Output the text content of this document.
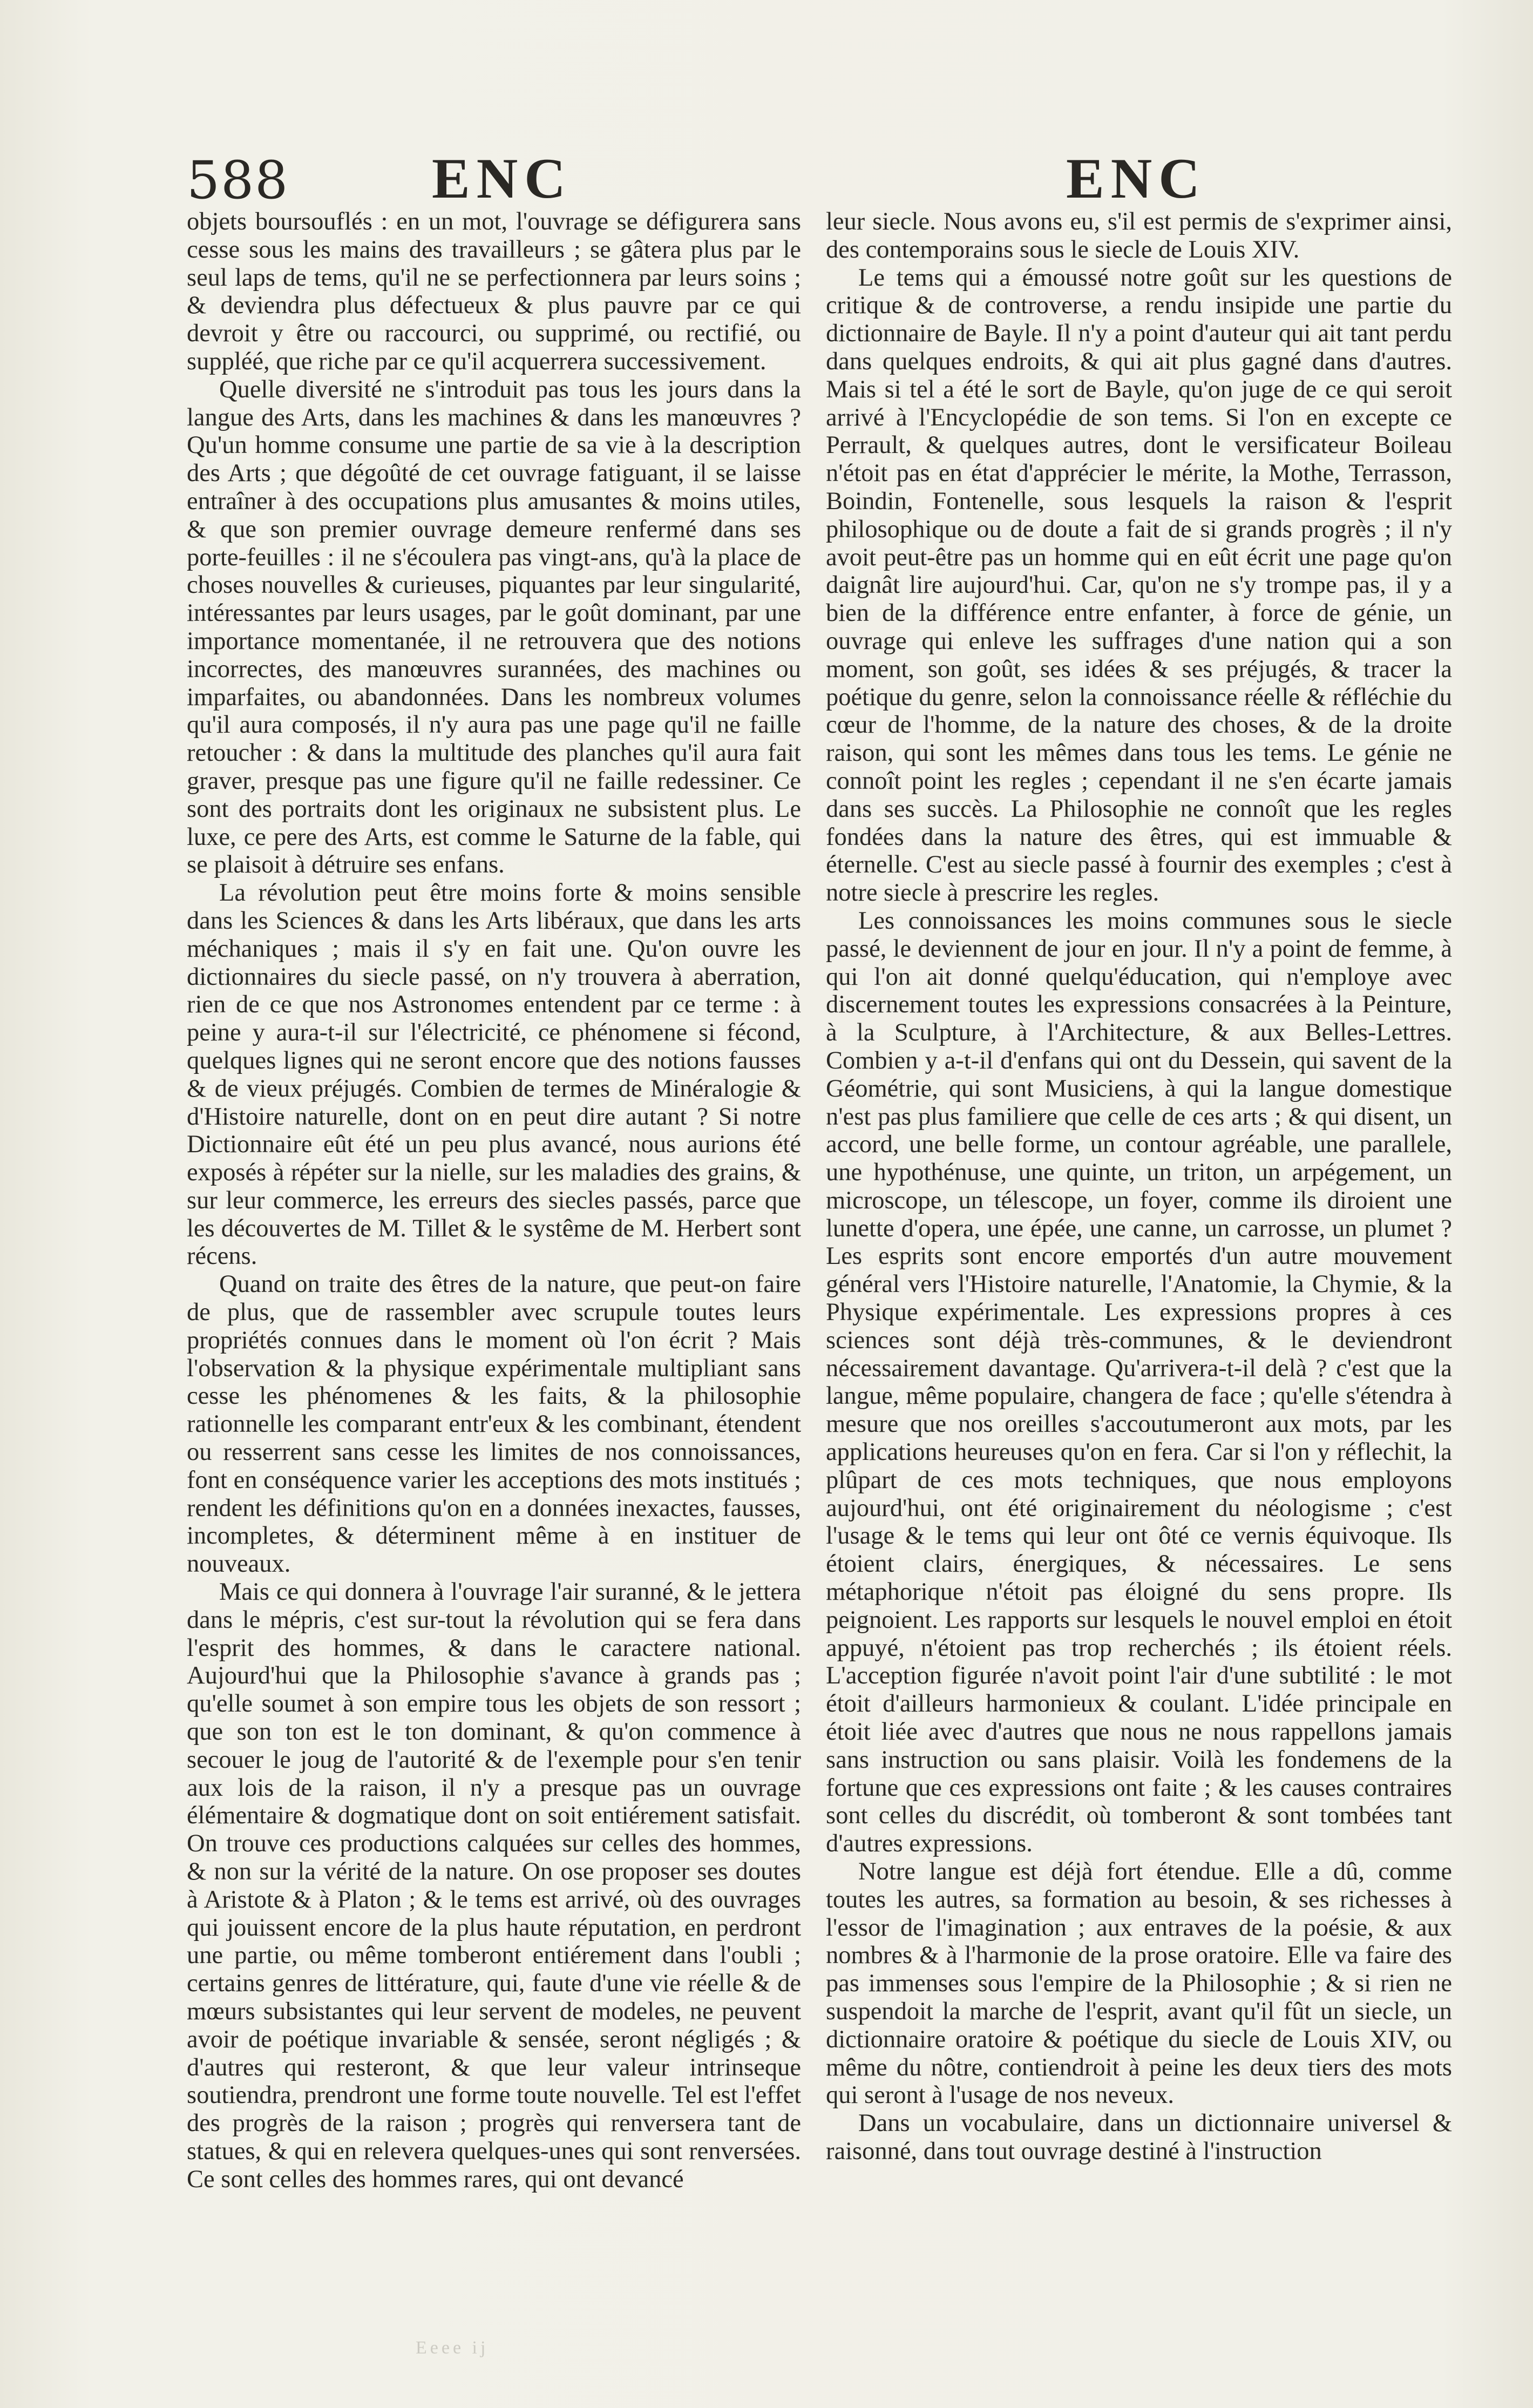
588 ENC	ENC

objets boursouflés : en un mot, l'ouvrage se défigurera sans cesse sous les mains des travailleurs ; se gâtera plus par le seul laps de tems, qu'il ne se perfectionnera par leurs soins ; & deviendra plus défectueux & plus pauvre par ce qui devroit y être ou raccourci, ou supprimé, ou rectifié, ou suppléé, que riche par ce qu'il acquerrera successivement.

Quelle diversité ne s'introduit pas tous les jours dans la langue des Arts, dans les machines & dans les manœuvres ? Qu'un homme consume une partie de sa vie à la description des Arts ; que dégoûté de cet ouvrage fatiguant, il se laisse entraîner à des occupations plus amusantes & moins utiles, & que son premier ouvrage demeure renfermé dans ses porte-feuilles : il ne s'écoulera pas vingt-ans, qu'à la place de choses nouvelles & curieuses, piquantes par leur singularité, intéressantes par leurs usages, par le goût dominant, par une importance momentanée, il ne retrouvera que des notions incorrectes, des manœuvres surannées, des machines ou imparfaites, ou abandonnées. Dans les nombreux volumes qu'il aura composés, il n'y aura pas une page qu'il ne faille retoucher : & dans la multitude des planches qu'il aura fait graver, presque pas une figure qu'il ne faille redessiner. Ce sont des portraits dont les originaux ne subsistent plus. Le luxe, ce pere des Arts, est comme le Saturne de la fable, qui se plaisoit à détruire ses enfans.

La révolution peut être moins forte & moins sensible dans les Sciences & dans les Arts libéraux, que dans les arts méchaniques ; mais il s'y en fait une. Qu'on ouvre les dictionnaires du siecle passé, on n'y trouvera à aberration, rien de ce que nos Astronomes entendent par ce terme : à peine y aura-t-il sur l'électricité, ce phénomene si fécond, quelques lignes qui ne seront encore que des notions fausses & de vieux préjugés. Combien de termes de Minéralogie & d'Histoire naturelle, dont on en peut dire autant ? Si notre Dictionnaire eût été un peu plus avancé, nous aurions été exposés à répéter sur la nielle, sur les maladies des grains, & sur leur commerce, les erreurs des siecles passés, parce que les découvertes de M. Tillet & le systême de M. Herbert sont récens.

Quand on traite des êtres de la nature, que peut-on faire de plus, que de rassembler avec scrupule toutes leurs propriétés connues dans le moment où l'on écrit ? Mais l'observation & la physique expérimentale multipliant sans cesse les phénomenes & les faits, & la philosophie rationnelle les comparant entr'eux & les combinant, étendent ou resserrent sans cesse les limites de nos connoissances, font en conséquence varier les acceptions des mots institués ; rendent les définitions qu'on en a données inexactes, fausses, incompletes, & déterminent même à en instituer de nouveaux.

Mais ce qui donnera à l'ouvrage l'air suranné, & le jettera dans le mépris, c'est sur-tout la révolution qui se fera dans l'esprit des hommes, & dans le caractere national. Aujourd'hui que la Philosophie s'avance à grands pas ; qu'elle soumet à son empire tous les objets de son ressort ; que son ton est le ton dominant, & qu'on commence à secouer le joug de l'autorité & de l'exemple pour s'en tenir aux lois de la raison, il n'y a presque pas un ouvrage élémentaire & dogmatique dont on soit entiérement satisfait. On trouve ces productions calquées sur celles des hommes, & non sur la vérité de la nature. On ose proposer ses doutes à Aristote & à Platon ; & le tems est arrivé, où des ouvrages qui jouissent encore de la plus haute réputation, en perdront une partie, ou même tomberont entiérement dans l'oubli ; certains genres de littérature, qui, faute d'une vie réelle & de mœurs subsistantes qui leur servent de modeles, ne peuvent avoir de poétique invariable & sensée, seront négligés ; & d'autres qui resteront, & que leur valeur intrinseque soutiendra, prendront une forme toute nouvelle. Tel est l'effet des progrès de la raison ; progrès qui renversera tant de statues, & qui en relevera quelques-unes qui sont renversées. Ce sont celles des hommes rares, qui ont devancé

leur siecle. Nous avons eu, s'il est permis de s'exprimer ainsi, des contemporains sous le siecle de Louis XIV.

Le tems qui a émoussé notre goût sur les questions de critique & de controverse, a rendu insipide une partie du dictionnaire de Bayle. Il n'y a point d'auteur qui ait tant perdu dans quelques endroits, & qui ait plus gagné dans d'autres. Mais si tel a été le sort de Bayle, qu'on juge de ce qui seroit arrivé à l'Encyclopédie de son tems. Si l'on en excepte ce Perrault, & quelques autres, dont le versificateur Boileau n'étoit pas en état d'apprécier le mérite, la Mothe, Terrasson, Boindin, Fontenelle, sous lesquels la raison & l'esprit philosophique ou de doute a fait de si grands progrès ; il n'y avoit peut-être pas un homme qui en eût écrit une page qu'on daignât lire aujourd'hui. Car, qu'on ne s'y trompe pas, il y a bien de la différence entre enfanter, à force de génie, un ouvrage qui enleve les suffrages d'une nation qui a son moment, son goût, ses idées & ses préjugés, & tracer la poétique du genre, selon la connoissance réelle & réfléchie du cœur de l'homme, de la nature des choses, & de la droite raison, qui sont les mêmes dans tous les tems. Le génie ne connoît point les regles ; cependant il ne s'en écarte jamais dans ses succès. La Philosophie ne connoît que les regles fondées dans la nature des êtres, qui est immuable & éternelle. C'est au siecle passé à fournir des exemples ; c'est à notre siecle à prescrire les regles.

Les connoissances les moins communes sous le siecle passé, le deviennent de jour en jour. Il n'y a point de femme, à qui l'on ait donné quelqu'éducation, qui n'employe avec discernement toutes les expressions consacrées à la Peinture, à la Sculpture, à l'Architecture, & aux Belles-Lettres. Combien y a-t-il d'enfans qui ont du Dessein, qui savent de la Géométrie, qui sont Musiciens, à qui la langue domestique n'est pas plus familiere que celle de ces arts ; & qui disent, un accord, une belle forme, un contour agréable, une parallele, une hypothénuse, une quinte, un triton, un arpégement, un microscope, un télescope, un foyer, comme ils diroient une lunette d'opera, une épée, une canne, un carrosse, un plumet ? Les esprits sont encore emportés d'un autre mouvement général vers l'Histoire naturelle, l'Anatomie, la Chymie, & la Physique expérimentale. Les expressions propres à ces sciences sont déjà très-communes, & le deviendront nécessairement davantage. Qu'arrivera-t-il delà ? c'est que la langue, même populaire, changera de face ; qu'elle s'étendra à mesure que nos oreilles s'accoutumeront aux mots, par les applications heureuses qu'on en fera. Car si l'on y réflechit, la plûpart de ces mots techniques, que nous employons aujourd'hui, ont été originairement du néologisme ; c'est l'usage & le tems qui leur ont ôté ce vernis équivoque. Ils étoient clairs, énergiques, & nécessaires. Le sens métaphorique n'étoit pas éloigné du sens propre. Ils peignoient. Les rapports sur lesquels le nouvel emploi en étoit appuyé, n'étoient pas trop recherchés ; ils étoient réels. L'acception figurée n'avoit point l'air d'une subtilité : le mot étoit d'ailleurs harmonieux & coulant. L'idée principale en étoit liée avec d'autres que nous ne nous rappellons jamais sans instruction ou sans plaisir. Voilà les fondemens de la fortune que ces expressions ont faite ; & les causes contraires sont celles du discrédit, où tomberont & sont tombées tant d'autres expressions.

Notre langue est déjà fort étendue. Elle a dû, comme toutes les autres, sa formation au besoin, & ses richesses à l'essor de l'imagination ; aux entraves de la poésie, & aux nombres & à l'harmonie de la prose oratoire. Elle va faire des pas immenses sous l'empire de la Philosophie ; & si rien ne suspendoit la marche de l'esprit, avant qu'il fût un siecle, un dictionnaire oratoire & poétique du siecle de Louis XIV, ou même du nôtre, contiendroit à peine les deux tiers des mots qui seront à l'usage de nos neveux.

Dans un vocabulaire, dans un dictionnaire universel & raisonné, dans tout ouvrage destiné à l'instruction

Eeee ij
